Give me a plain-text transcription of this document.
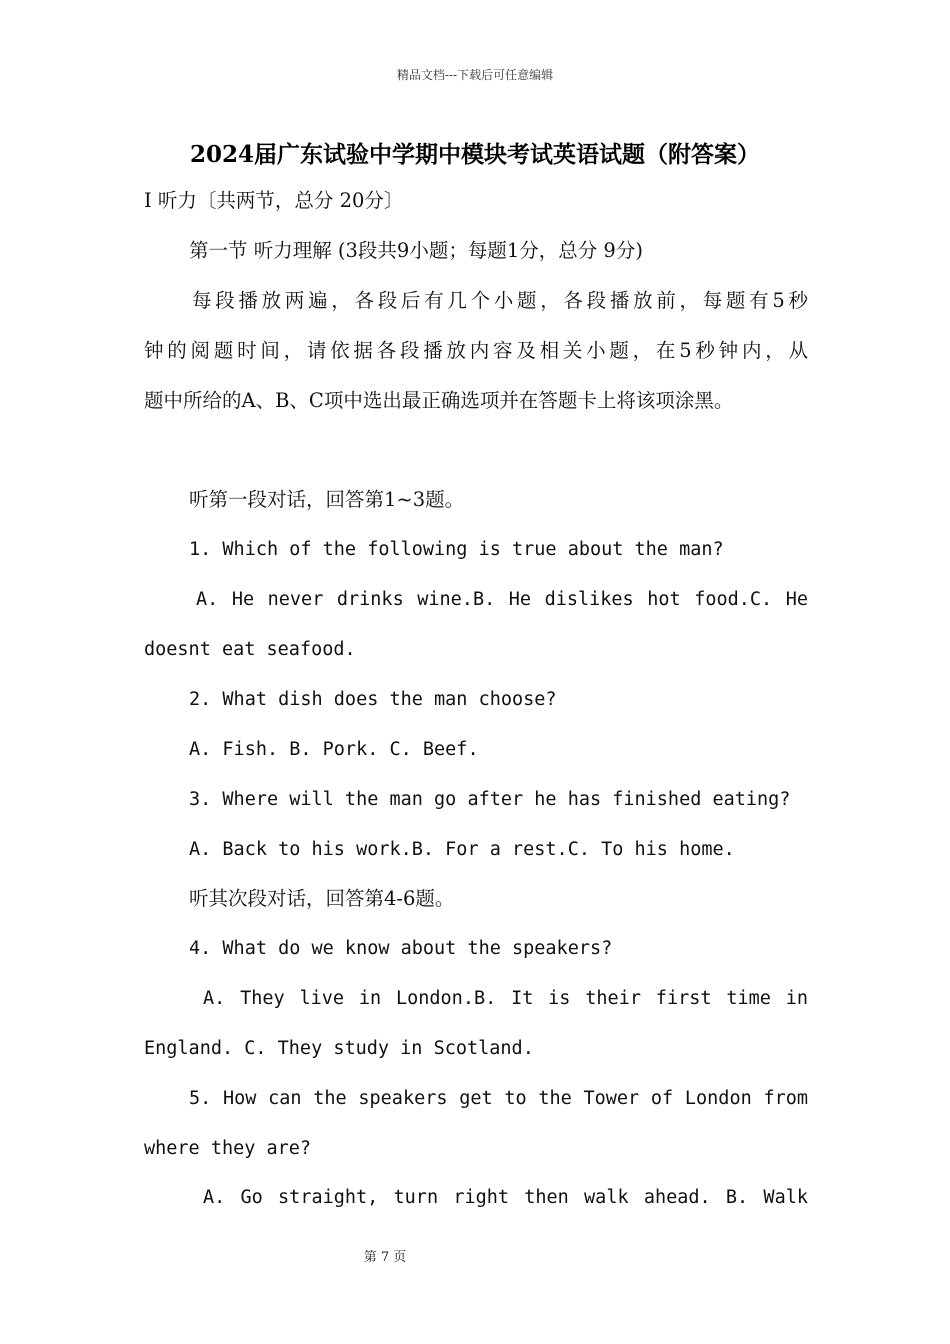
精品文档---下载后可任意编辑
2024届广东试验中学期中模块考试英语试题（附答案）
I 听力〔共两节，总分 20分〕
第一节 听力理解 (3段共9小题；每题1分，总分 9分)
每段播放两遍，各段后有几个小题，各段播放前，每题有5秒
钟的阅题时间，请依据各段播放内容及相关小题，在5秒钟内，从
题中所给的A、B、C项中选出最正确选项并在答题卡上将该项涂黑。
听第一段对话，回答第1~3题。
1. Which of the following is true about the man?
A. He never drinks wine.B. He dislikes hot food.C. He
doesnt eat seafood.
2. What dish does the man choose?
A. Fish. B. Pork. C. Beef.
3. Where will the man go after he has finished eating?
A. Back to his work.B. For a rest.C. To his home.
听其次段对话，回答第4-6题。
4. What do we know about the speakers?
A. They live in London.B. It is their first time in
England. C. They study in Scotland.
5. How can the speakers get to the Tower of London from
where they are?
A. Go straight, turn right then walk ahead. B. Walk
第 7 页
